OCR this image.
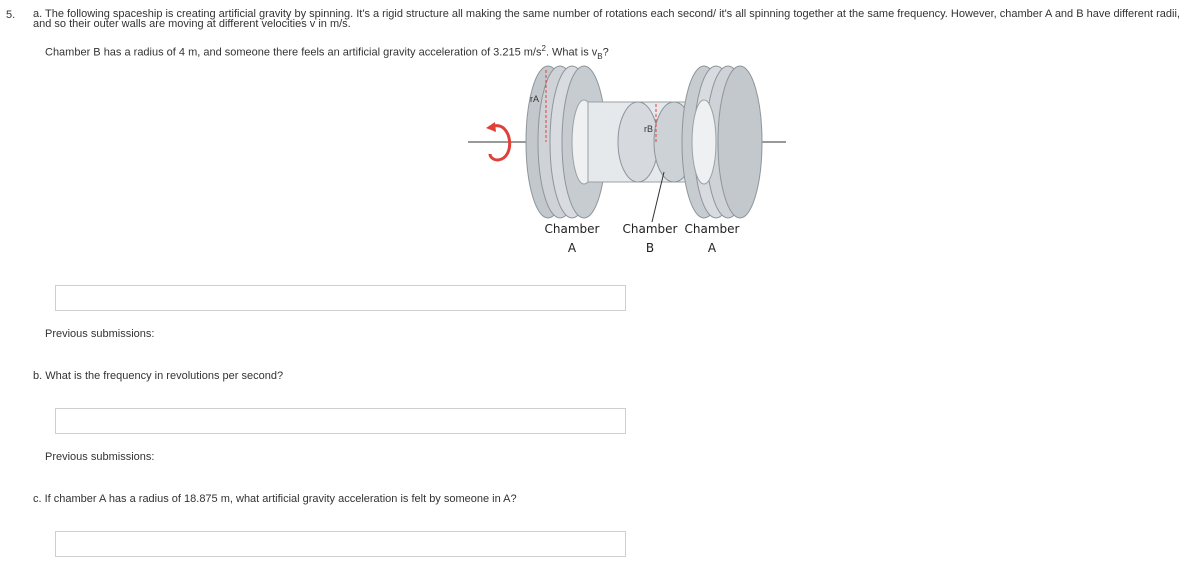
5. a. The following spaceship is creating artificial gravity by spinning. It's a rigid structure all making the same number of rotations each second/ it's all spinning together at the same frequency. However, chamber A and B have different radii, and so their outer walls are moving at different velocities v in m/s.
Chamber B has a radius of 4 m, and someone there feels an artificial gravity acceleration of 3.215 $m/s^2$. What is $v_B$?
rA
rB
Chamber
A
Chamber
B
Chamber
A
Previous submissions:
b. What is the frequency in revolutions per second?
Previous submissions:
c. If chamber A has a radius of 18.875 m, what artificial gravity acceleration is felt by someone in A?
